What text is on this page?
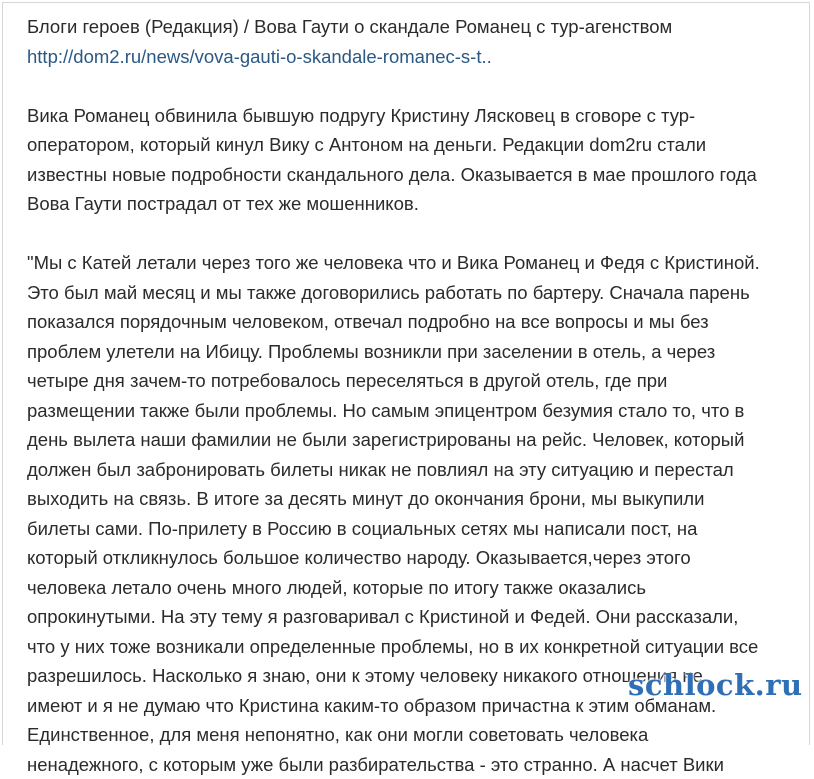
Блоги героев (Редакция) / Вова Гаути о скандале Романец с тур-агенством
http://dom2.ru/news/vova-gauti-o-skandale-romanec-s-t..

Вика Романец обвинила бывшую подругу Кристину Лясковец в сговоре с тур-
оператором, который кинул Вику с Антоном на деньги. Редакции dom2ru стали
известны новые подробности скандального дела. Оказывается в мае прошлого года
Вова Гаути пострадал от тех же мошенников.

"Мы с Катей летали через того же человека что и Вика Романец и Федя с Кристиной.
Это был май месяц и мы также договорились работать по бартеру. Сначала парень
показался порядочным человеком, отвечал подробно на все вопросы и мы без
проблем улетели на Ибицу. Проблемы возникли при заселении в отель, а через
четыре дня зачем-то потребовалось переселяться в другой отель, где при
размещении также были проблемы. Но самым эпицентром безумия стало то, что в
день вылета наши фамилии не были зарегистрированы на рейс. Человек, который
должен был забронировать билеты никак не повлиял на эту ситуацию и перестал
выходить на связь. В итоге за десять минут до окончания брони, мы выкупили
билеты сами. По-прилету в Россию в социальных сетях мы написали пост, на
который откликнулось большое количество народу. Оказывается,через этого
человека летало очень много людей, которые по итогу также оказались
опрокинутыми. На эту тему я разговаривал с Кристиной и Федей. Они рассказали,
что у них тоже возникали определенные проблемы, но в их конкретной ситуации все
разрешилось. Насколько я знаю, они к этому человеку никакого отношения не
имеют и я не думаю что Кристина каким-то образом причастна к этим обманам.
Единственное, для меня непонятно, как они могли советовать человека
ненадежного, с которым уже были разбирательства - это странно. А насчет Вики

schlock.ru
